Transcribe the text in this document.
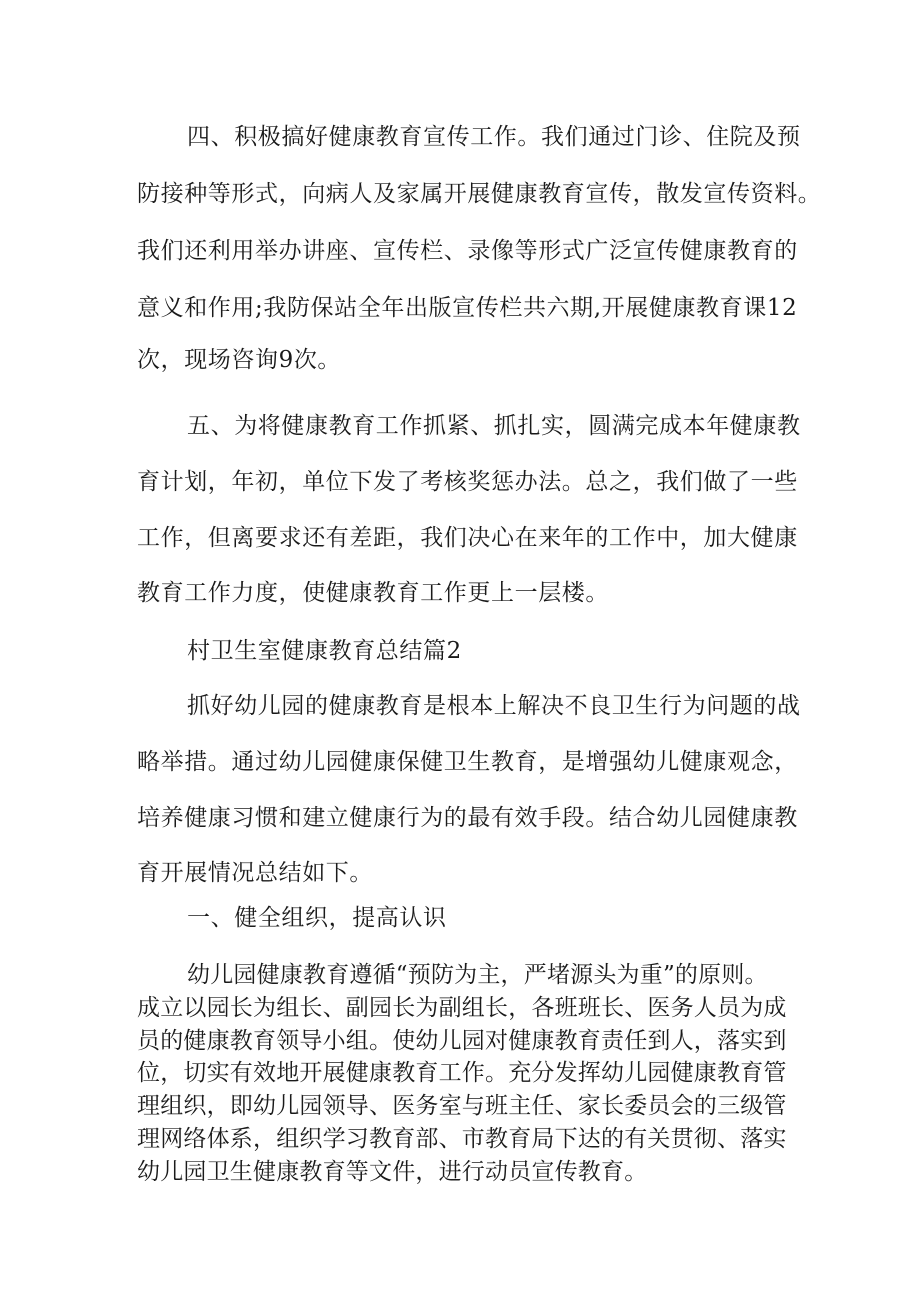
四、积极搞好健康教育宣传工作。我们通过门诊、住院及预
防接种等形式，向病人及家属开展健康教育宣传，散发宣传资料。
我们还利用举办讲座、宣传栏、录像等形式广泛宣传健康教育的
意义和作用;我防保站全年出版宣传栏共六期,开展健康教育课12
次，现场咨询9次。
五、为将健康教育工作抓紧、抓扎实，圆满完成本年健康教
育计划，年初，单位下发了考核奖惩办法。总之，我们做了一些
工作，但离要求还有差距，我们决心在来年的工作中，加大健康
教育工作力度，使健康教育工作更上一层楼。
村卫生室健康教育总结篇2
抓好幼儿园的健康教育是根本上解决不良卫生行为问题的战
略举措。通过幼儿园健康保健卫生教育，是增强幼儿健康观念，
培养健康习惯和建立健康行为的最有效手段。结合幼儿园健康教
育开展情况总结如下。
一、健全组织，提高认识
幼儿园健康教育遵循“预防为主，严堵源头为重”的原则。
成立以园长为组长、副园长为副组长，各班班长、医务人员为成
员的健康教育领导小组。使幼儿园对健康教育责任到人，落实到
位，切实有效地开展健康教育工作。充分发挥幼儿园健康教育管
理组织，即幼儿园领导、医务室与班主任、家长委员会的三级管
理网络体系，组织学习教育部、市教育局下达的有关贯彻、落实
幼儿园卫生健康教育等文件，进行动员宣传教育。
